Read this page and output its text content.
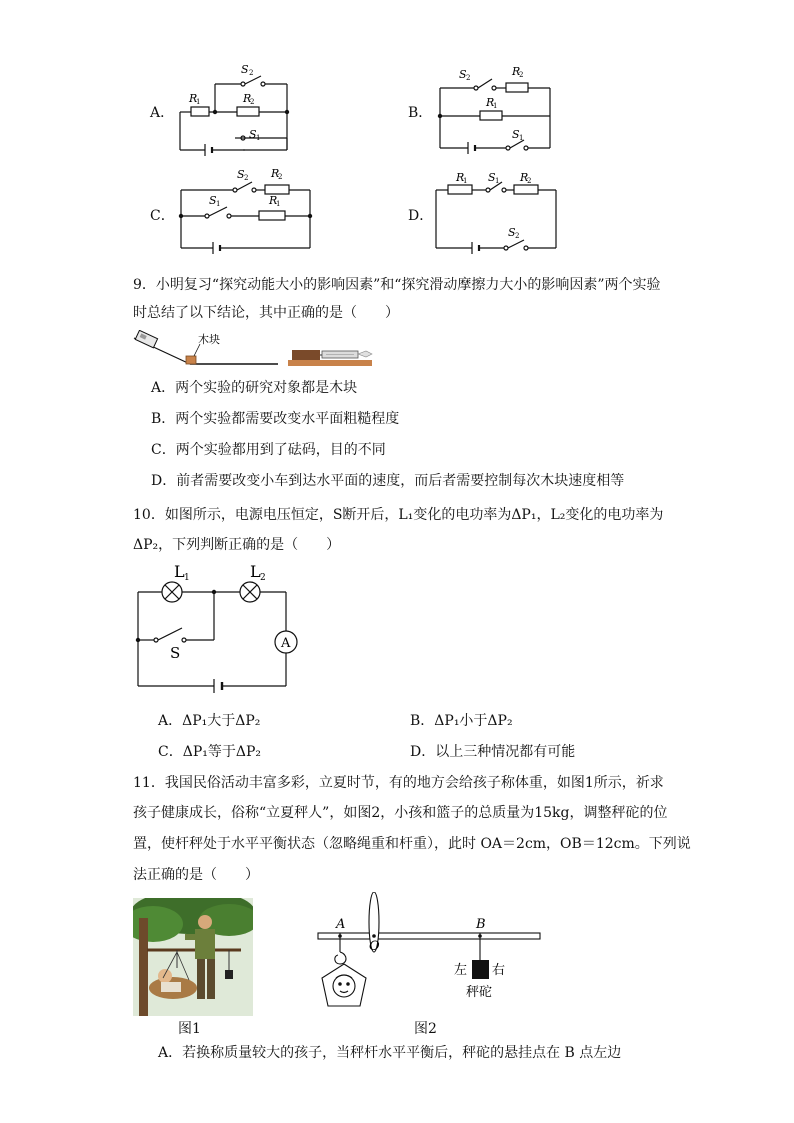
A．	B．
C．	D．
S 2
R
1	R
2
S 1
S 2	R
2
R
1
S 1
S 2 R
2
S 1	R
1
R
1 S 1 R
2
S 2
9．小明复习“探究动能大小的影响因素”和“探究滑动摩擦力大小的影响因素”两个实验
时总结了以下结论，其中正确的是（　　）
木块
A．两个实验的研究对象都是木块
B．两个实验都需要改变水平面粗糙程度
C．两个实验都用到了砝码，目的不同
D．前者需要改变小车到达水平面的速度，而后者需要控制每次木块速度相等
10．如图所示，电源电压恒定，S断开后，L₁变化的电功率为ΔP₁，L₂变化的电功率为
ΔP₂，下列判断正确的是（　　）
L 1	L 2
S
A
A．ΔP₁大于ΔP₂	B．ΔP₁小于ΔP₂
C．ΔP₁等于ΔP₂	D．以上三种情况都有可能
11．我国民俗活动丰富多彩，立夏时节，有的地方会给孩子称体重，如图1所示，祈求
孩子健康成长，俗称“立夏秤人”，如图2，小孩和篮子的总质量为15kg，调整秤砣的位
置，使杆秤处于水平平衡状态（忽略绳重和杆重），此时 OA＝2cm，OB＝12cm。下列说
法正确的是（　　）
图1
A
O
B
左 右
秤砣
图2
A．若换称质量较大的孩子，当秤杆水平平衡后，秤砣的悬挂点在 B 点左边
